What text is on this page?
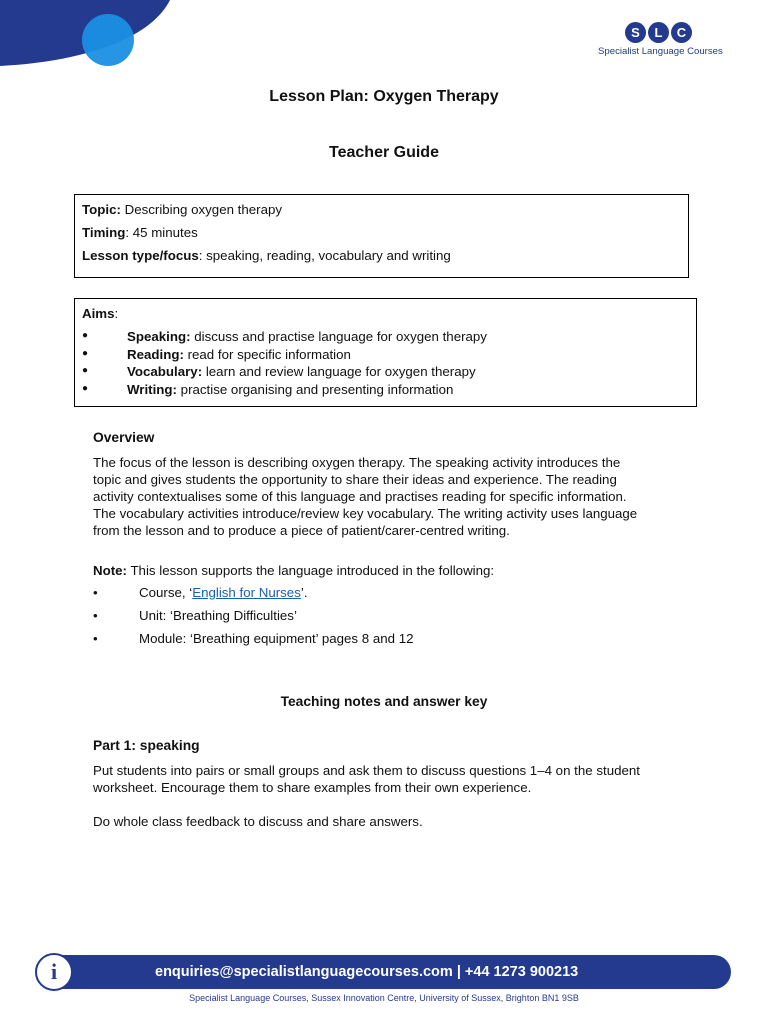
S	L	C
Specialist Language Courses
Lesson Plan: Oxygen Therapy
Teacher Guide

Topic: Describing oxygen therapy

Timing: 45 minutes

Lesson type/focus: speaking, reading, vocabulary and writing

Aims:

●	Speaking: discuss and practise language for oxygen therapy

●	Reading: read for specific information

●	Vocabulary: learn and review language for oxygen therapy

●	Writing: practise organising and presenting information

Overview
The focus of the lesson is describing oxygen therapy. The speaking activity introduces the
topic and gives students the opportunity to share their ideas and experience. The reading
activity contextualises some of this language and practises reading for specific information.
The vocabulary activities introduce/review key vocabulary. The writing activity uses language
from the lesson and to produce a piece of patient/carer-centred writing.
Note: This lesson supports the language introduced in the following:
•	Course, ‘English for Nurses’.
•	Unit: ‘Breathing Difficulties’
•	Module: ‘Breathing equipment’ pages 8 and 12
Teaching notes and answer key
Part 1: speaking
Put students into pairs or small groups and ask them to discuss questions 1–4 on the student
worksheet. Encourage them to share examples from their own experience.
Do whole class feedback to discuss and share answers.
i	enquiries@specialistlanguagecourses.com | +44 1273 900213
Specialist Language Courses, Sussex Innovation Centre, University of Sussex, Brighton BN1 9SB
